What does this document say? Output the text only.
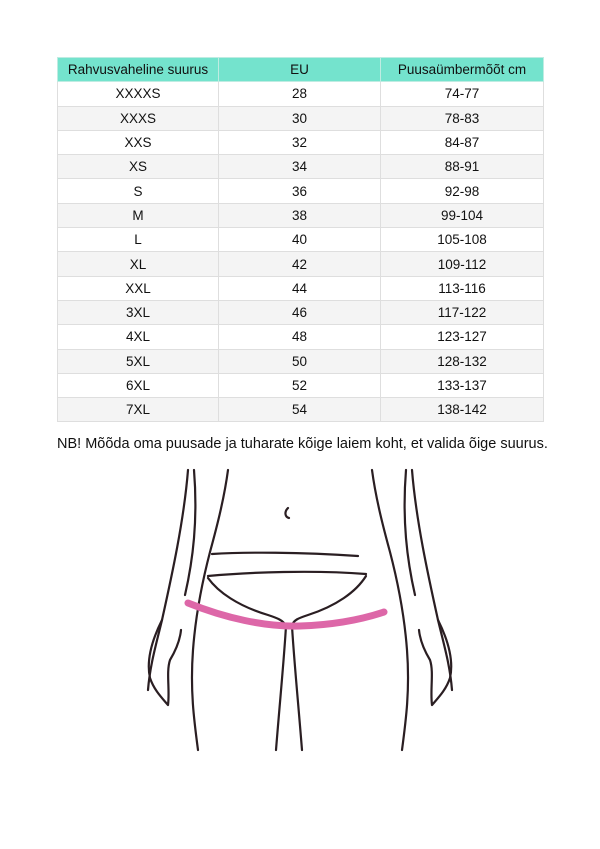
Rahvusvaheline suurus	EU	Puusaümbermõõt cm
XXXXS	28	74-77
XXXS	30	78-83
XXS	32	84-87
XS	34	88-91
S	36	92-98
M	38	99-104
L	40	105-108
XL	42	109-112
XXL	44	113-116
3XL	46	117-122
4XL	48	123-127
5XL	50	128-132
6XL	52	133-137
7XL	54	138-142
NB! Mõõda oma puusade ja tuharate kõige laiem koht, et valida õige suurus.
